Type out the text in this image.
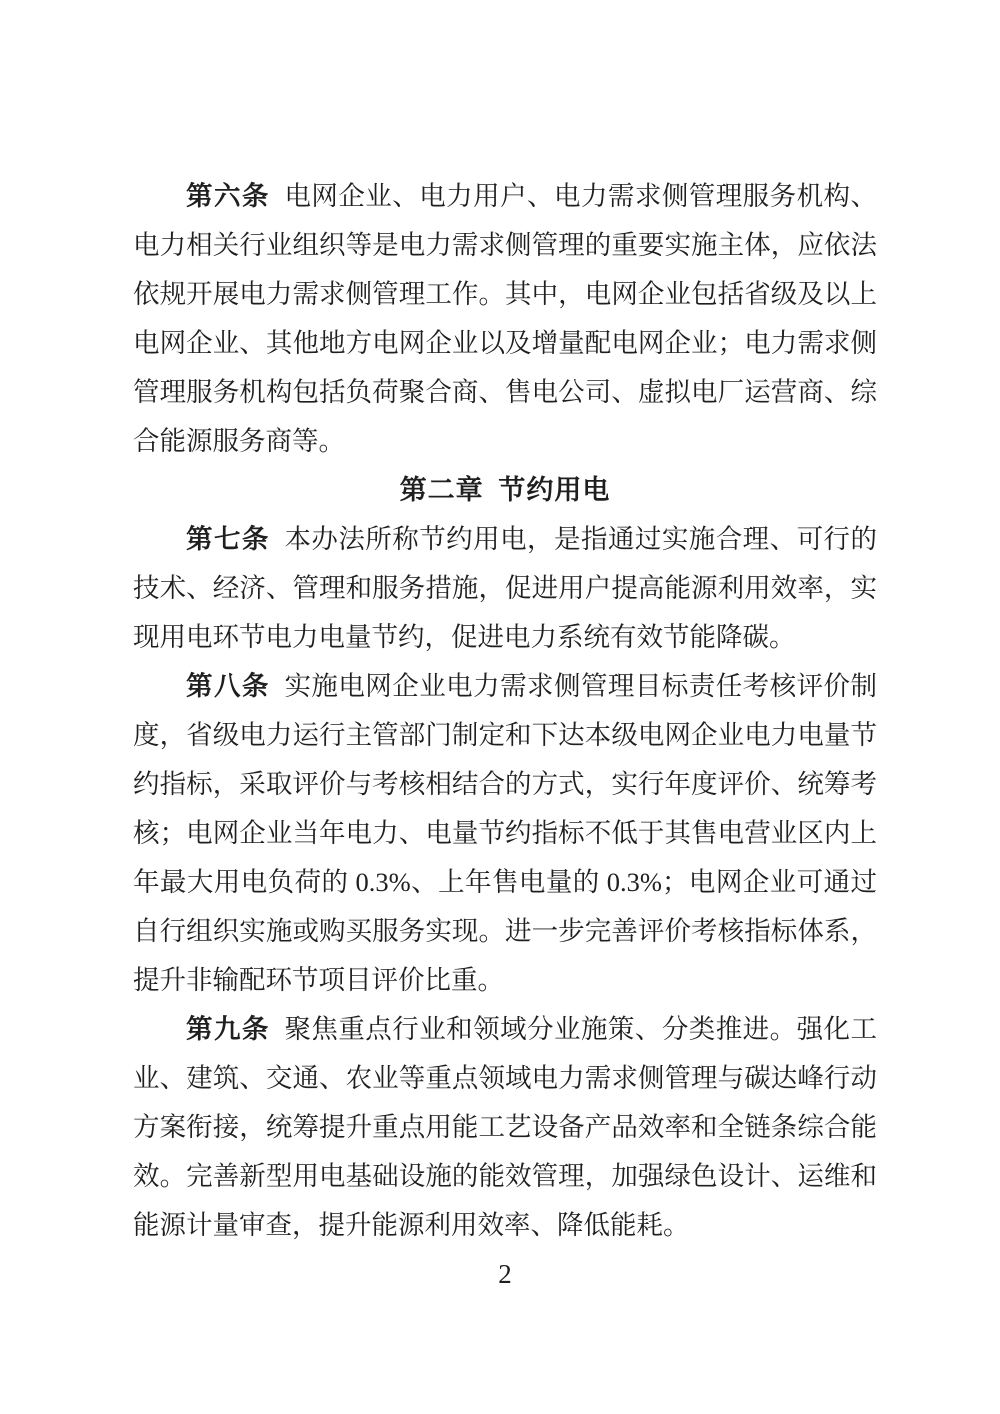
第六条 电网企业、电力用户、电力需求侧管理服务机构、电力相关行业组织等是电力需求侧管理的重要实施主体，应依法依规开展电力需求侧管理工作。其中，电网企业包括省级及以上电网企业、其他地方电网企业以及增量配电网企业；电力需求侧管理服务机构包括负荷聚合商、售电公司、虚拟电厂运营商、综合能源服务商等。

第二章 节约用电

第七条 本办法所称节约用电，是指通过实施合理、可行的技术、经济、管理和服务措施，促进用户提高能源利用效率，实现用电环节电力电量节约，促进电力系统有效节能降碳。

第八条 实施电网企业电力需求侧管理目标责任考核评价制度，省级电力运行主管部门制定和下达本级电网企业电力电量节约指标，采取评价与考核相结合的方式，实行年度评价、统筹考核；电网企业当年电力、电量节约指标不低于其售电营业区内上年最大用电负荷的 0.3%、上年售电量的 0.3%；电网企业可通过自行组织实施或购买服务实现。进一步完善评价考核指标体系，提升非输配环节项目评价比重。

第九条 聚焦重点行业和领域分业施策、分类推进。强化工业、建筑、交通、农业等重点领域电力需求侧管理与碳达峰行动方案衔接，统筹提升重点用能工艺设备产品效率和全链条综合能效。完善新型用电基础设施的能效管理，加强绿色设计、运维和能源计量审查，提升能源利用效率、降低能耗。

2
